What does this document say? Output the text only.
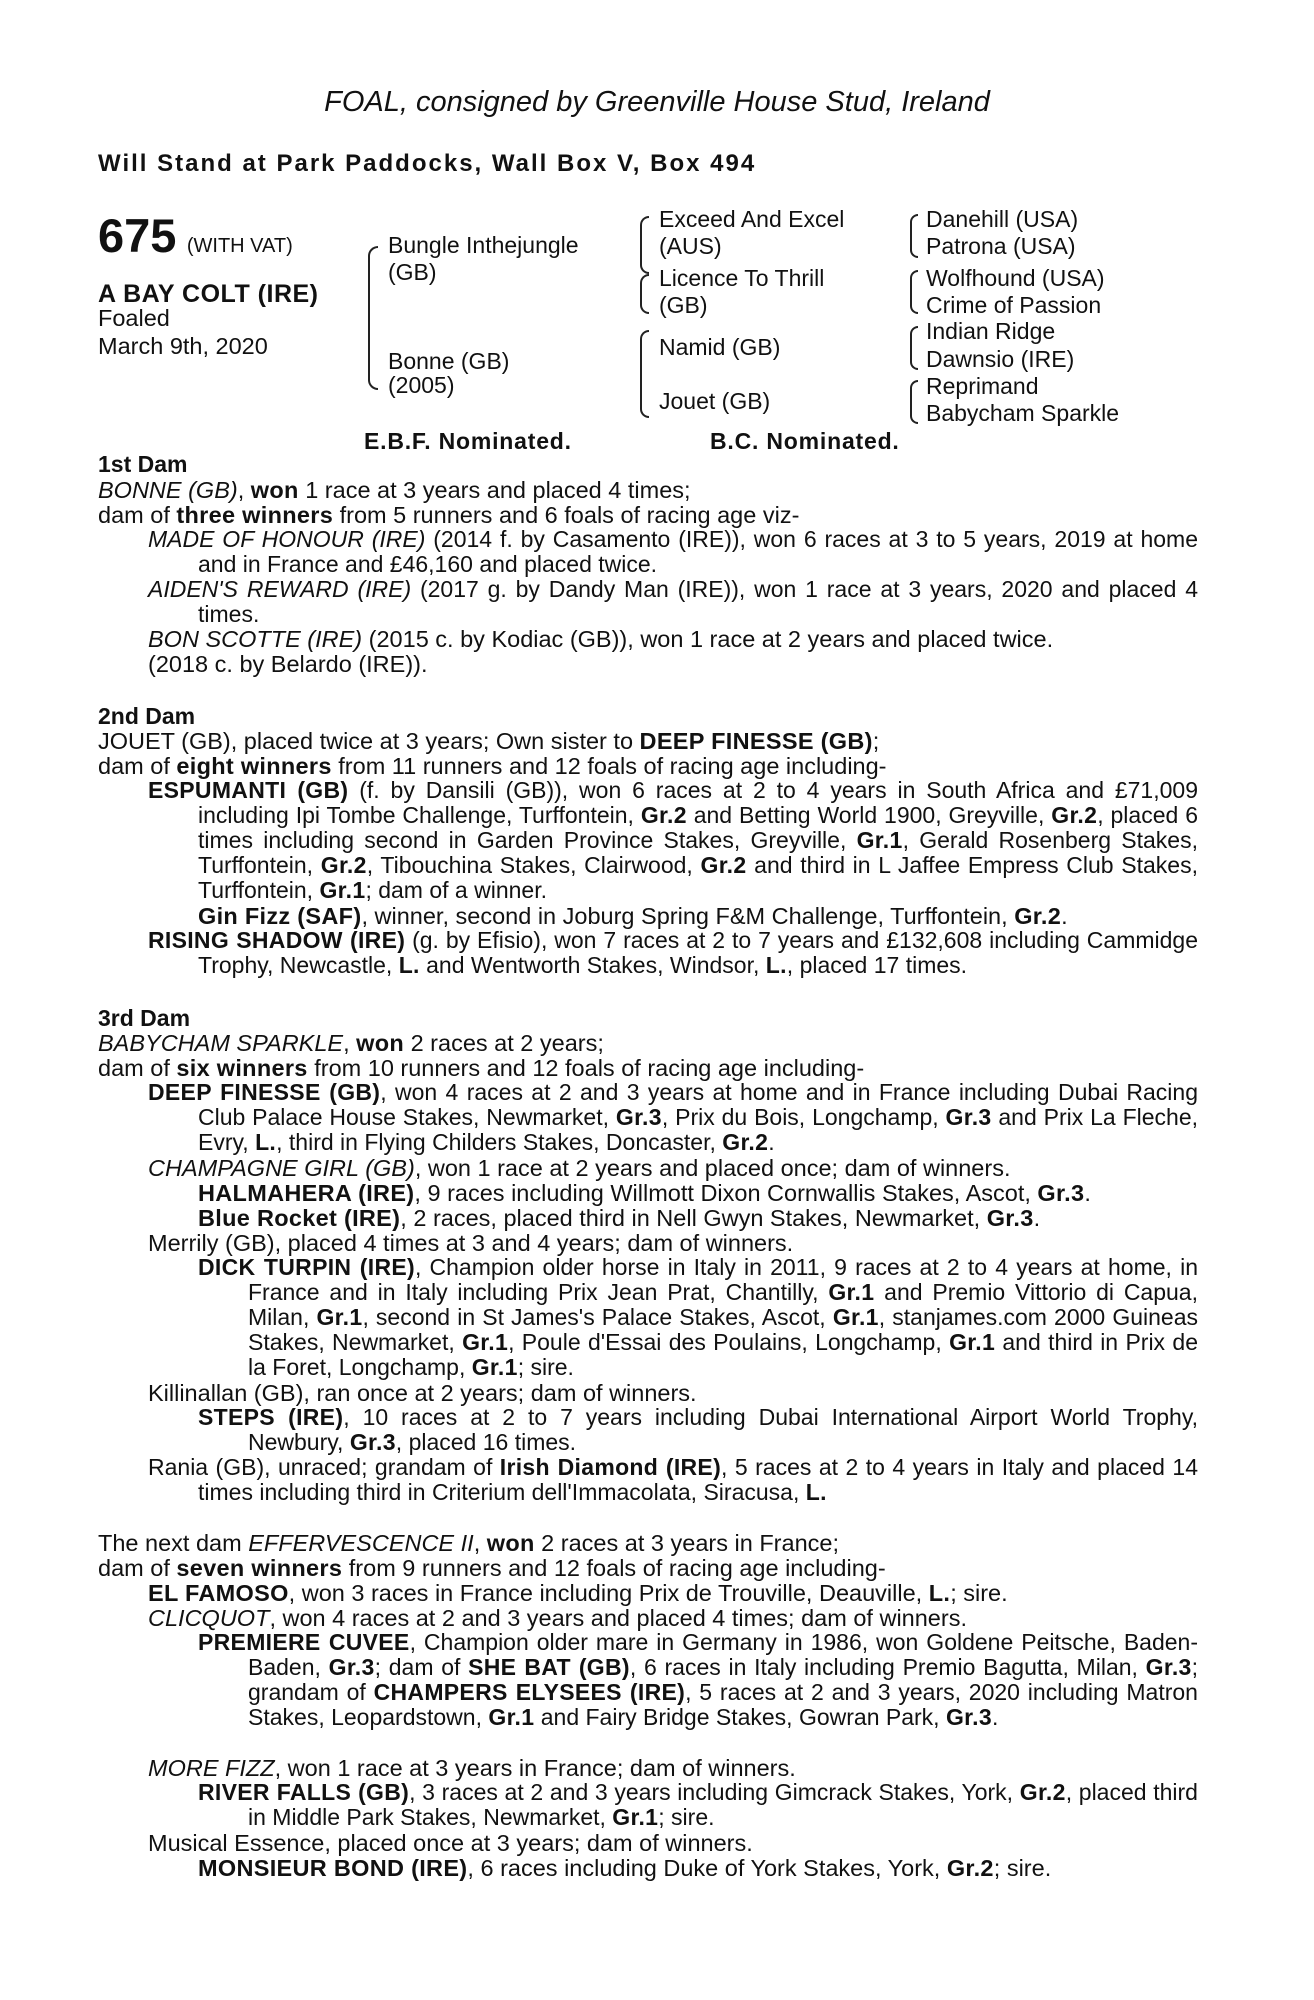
FOAL, consigned by Greenville House Stud, Ireland
Will Stand at Park Paddocks, Wall Box V, Box 494
675 (WITH VAT)
A BAY COLT (IRE)
Foaled
March 9th, 2020
Bungle Inthejungle
(GB)
Bonne (GB)
(2005)
Exceed And Excel
(AUS)
Licence To Thrill
(GB)
Namid (GB)
Jouet (GB)
Danehill (USA)
Patrona (USA)
Wolfhound (USA)
Crime of Passion
Indian Ridge
Dawnsio (IRE)
Reprimand
Babycham Sparkle
E.B.F. Nominated.	B.C. Nominated.
1st Dam
BONNE (GB), won 1 race at 3 years and placed 4 times;
dam of three winners from 5 runners and 6 foals of racing age viz-
MADE OF HONOUR (IRE) (2014 f. by Casamento (IRE)), won 6 races at 3 to 5 years, 2019 at home and in France and £46,160 and placed twice.
AIDEN'S REWARD (IRE) (2017 g. by Dandy Man (IRE)), won 1 race at 3 years, 2020 and placed 4 times.
BON SCOTTE (IRE) (2015 c. by Kodiac (GB)), won 1 race at 2 years and placed twice.
(2018 c. by Belardo (IRE)).
2nd Dam
JOUET (GB), placed twice at 3 years; Own sister to DEEP FINESSE (GB);
dam of eight winners from 11 runners and 12 foals of racing age including-
ESPUMANTI (GB) (f. by Dansili (GB)), won 6 races at 2 to 4 years in South Africa and £71,009 including Ipi Tombe Challenge, Turffontein, Gr.2 and Betting World 1900, Greyville, Gr.2, placed 6 times including second in Garden Province Stakes, Greyville, Gr.1, Gerald Rosenberg Stakes, Turffontein, Gr.2, Tibouchina Stakes, Clairwood, Gr.2 and third in L Jaffee Empress Club Stakes, Turffontein, Gr.1; dam of a winner.
Gin Fizz (SAF), winner, second in Joburg Spring F&M Challenge, Turffontein, Gr.2.
RISING SHADOW (IRE) (g. by Efisio), won 7 races at 2 to 7 years and £132,608 including Cammidge Trophy, Newcastle, L. and Wentworth Stakes, Windsor, L., placed 17 times.
3rd Dam
BABYCHAM SPARKLE, won 2 races at 2 years;
dam of six winners from 10 runners and 12 foals of racing age including-
DEEP FINESSE (GB), won 4 races at 2 and 3 years at home and in France including Dubai Racing Club Palace House Stakes, Newmarket, Gr.3, Prix du Bois, Longchamp, Gr.3 and Prix La Fleche, Evry, L., third in Flying Childers Stakes, Doncaster, Gr.2.
CHAMPAGNE GIRL (GB), won 1 race at 2 years and placed once; dam of winners.
HALMAHERA (IRE), 9 races including Willmott Dixon Cornwallis Stakes, Ascot, Gr.3.
Blue Rocket (IRE), 2 races, placed third in Nell Gwyn Stakes, Newmarket, Gr.3.
Merrily (GB), placed 4 times at 3 and 4 years; dam of winners.
DICK TURPIN (IRE), Champion older horse in Italy in 2011, 9 races at 2 to 4 years at home, in France and in Italy including Prix Jean Prat, Chantilly, Gr.1 and Premio Vittorio di Capua, Milan, Gr.1, second in St James's Palace Stakes, Ascot, Gr.1, stanjames.com 2000 Guineas Stakes, Newmarket, Gr.1, Poule d'Essai des Poulains, Longchamp, Gr.1 and third in Prix de la Foret, Longchamp, Gr.1; sire.
Killinallan (GB), ran once at 2 years; dam of winners.
STEPS (IRE), 10 races at 2 to 7 years including Dubai International Airport World Trophy, Newbury, Gr.3, placed 16 times.
Rania (GB), unraced; grandam of Irish Diamond (IRE), 5 races at 2 to 4 years in Italy and placed 14 times including third in Criterium dell'Immacolata, Siracusa, L.
The next dam EFFERVESCENCE II, won 2 races at 3 years in France;
dam of seven winners from 9 runners and 12 foals of racing age including-
EL FAMOSO, won 3 races in France including Prix de Trouville, Deauville, L.; sire.
CLICQUOT, won 4 races at 2 and 3 years and placed 4 times; dam of winners.
PREMIERE CUVEE, Champion older mare in Germany in 1986, won Goldene Peitsche, Baden-Baden, Gr.3; dam of SHE BAT (GB), 6 races in Italy including Premio Bagutta, Milan, Gr.3; grandam of CHAMPERS ELYSEES (IRE), 5 races at 2 and 3 years, 2020 including Matron Stakes, Leopardstown, Gr.1 and Fairy Bridge Stakes, Gowran Park, Gr.3.
MORE FIZZ, won 1 race at 3 years in France; dam of winners.
RIVER FALLS (GB), 3 races at 2 and 3 years including Gimcrack Stakes, York, Gr.2, placed third in Middle Park Stakes, Newmarket, Gr.1; sire.
Musical Essence, placed once at 3 years; dam of winners.
MONSIEUR BOND (IRE), 6 races including Duke of York Stakes, York, Gr.2; sire.
